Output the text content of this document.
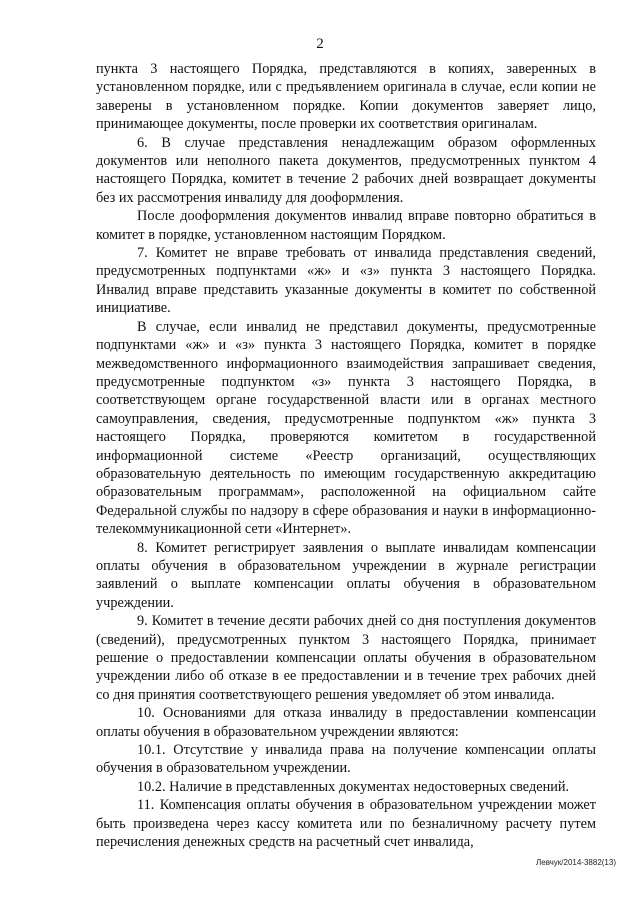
2

пункта 3 настоящего Порядка, представляются в копиях, заверенных в установленном порядке, или с предъявлением оригинала в случае, если копии не заверены в установленном порядке. Копии документов заверяет лицо, принимающее документы, после проверки их соответствия оригиналам.

6. В случае представления ненадлежащим образом оформленных документов или неполного пакета документов, предусмотренных пунктом 4 настоящего Порядка, комитет в течение 2 рабочих дней возвращает документы без их рассмотрения инвалиду для дооформления.

После дооформления документов инвалид вправе повторно обратиться в комитет в порядке, установленном настоящим Порядком.

7. Комитет не вправе требовать от инвалида представления сведений, предусмотренных подпунктами «ж» и «з» пункта 3 настоящего Порядка. Инвалид вправе представить указанные документы в комитет по собственной инициативе.

В случае, если инвалид не представил документы, предусмотренные подпунктами «ж» и «з» пункта 3 настоящего Порядка, комитет в порядке межведомственного информационного взаимодействия запрашивает сведения, предусмотренные подпунктом «з» пункта 3 настоящего Порядка, в соответствующем органе государственной власти или в органах местного самоуправления, сведения, предусмотренные подпунктом «ж» пункта 3 настоящего Порядка, проверяются комитетом в государственной информационной системе «Реестр организаций, осуществляющих образовательную деятельность по имеющим государственную аккредитацию образовательным программам», расположенной на официальном сайте Федеральной службы по надзору в сфере образования и науки в информационно-телекоммуникационной сети «Интернет».

8. Комитет регистрирует заявления о выплате инвалидам компенсации оплаты обучения в образовательном учреждении в журнале регистрации заявлений о выплате компенсации оплаты обучения в образовательном учреждении.

9. Комитет в течение десяти рабочих дней со дня поступления документов (сведений), предусмотренных пунктом 3 настоящего Порядка, принимает решение о предоставлении компенсации оплаты обучения в образовательном учреждении либо об отказе в ее предоставлении и в течение трех рабочих дней со дня принятия соответствующего решения уведомляет об этом инвалида.

10. Основаниями для отказа инвалиду в предоставлении компенсации оплаты обучения в образовательном учреждении являются:

10.1. Отсутствие у инвалида права на получение компенсации оплаты обучения в образовательном учреждении.

10.2. Наличие в представленных документах недостоверных сведений.

11. Компенсация оплаты обучения в образовательном учреждении может быть произведена через кассу комитета или по безналичному расчету путем перечисления денежных средств на расчетный счет инвалида,

Левчук/2014-3882(13)
